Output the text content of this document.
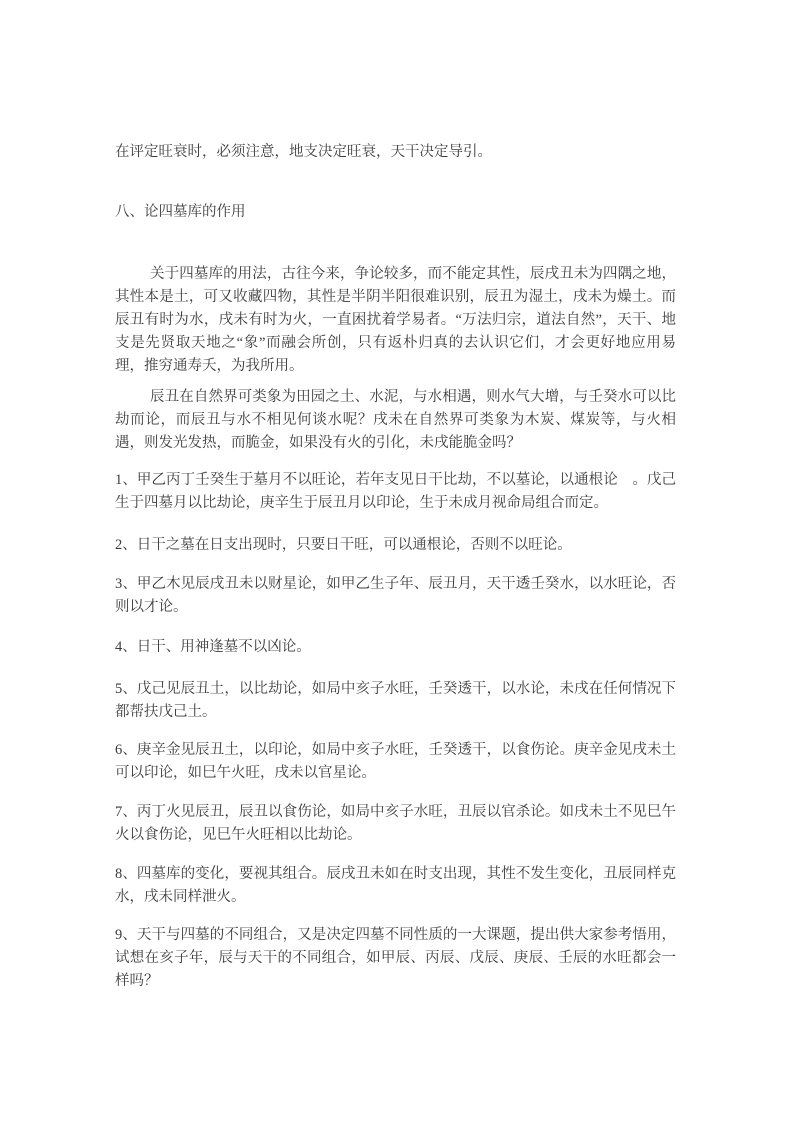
在评定旺衰时，必须注意，地支决定旺衰，天干决定导引。

八、论四墓库的作用

关于四墓库的用法，古往今来，争论较多，而不能定其性，辰戌丑未为四隅之地，其性本是土，可又收藏四物，其性是半阴半阳很难识别，辰丑为湿土，戌未为燥土。而辰丑有时为水，戌未有时为火，一直困扰着学易者。“万法归宗，道法自然”，天干、地支是先贤取天地之“象”而融会所创，只有返朴归真的去认识它们，才会更好地应用易理，推穷通寿夭，为我所用。

辰丑在自然界可类象为田园之土、水泥，与水相遇，则水气大增，与壬癸水可以比劫而论，而辰丑与水不相见何谈水呢？戌未在自然界可类象为木炭、煤炭等，与火相遇，则发光发热，而脆金，如果没有火的引化，未戌能脆金吗？

1、甲乙丙丁壬癸生于墓月不以旺论，若年支见日干比劫，不以墓论，以通根论　。戊己生于四墓月以比劫论，庚辛生于辰丑月以印论，生于未成月视命局组合而定。

2、日干之墓在日支出现时，只要日干旺，可以通根论，否则不以旺论。

3、甲乙木见辰戌丑未以财星论，如甲乙生子年、辰丑月，天干透壬癸水，以水旺论，否则以才论。

4、日干、用神逢墓不以凶论。

5、戊己见辰丑土，以比劫论，如局中亥子水旺，壬癸透干，以水论，未戌在任何情况下都帮扶戊己土。

6、庚辛金见辰丑土，以印论，如局中亥子水旺，壬癸透干，以食伤论。庚辛金见戌未土可以印论，如巳午火旺，戌未以官星论。

7、丙丁火见辰丑，辰丑以食伤论，如局中亥子水旺，丑辰以官杀论。如戌未土不见巳午火以食伤论，见巳午火旺相以比劫论。

8、四墓库的变化，要视其组合。辰戌丑未如在时支出现，其性不发生变化，丑辰同样克水，戌未同样泄火。

9、天干与四墓的不同组合，又是决定四墓不同性质的一大课题，提出供大家参考悟用，试想在亥子年，辰与天干的不同组合，如甲辰、丙辰、戊辰、庚辰、壬辰的水旺都会一样吗？
